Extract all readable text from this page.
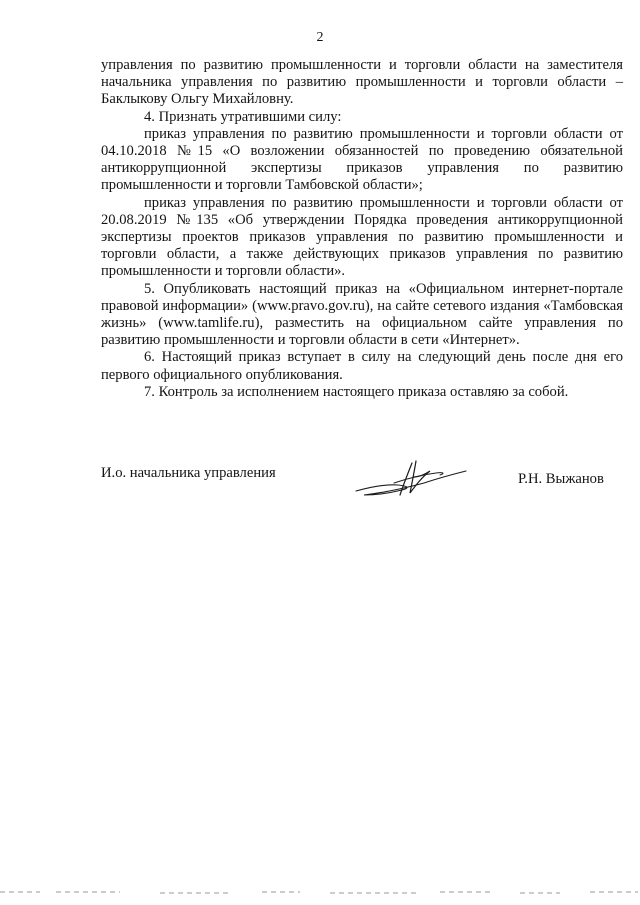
2

управления по развитию промышленности и торговли области на заместителя начальника управления по развитию промышленности и торговли области – Баклыкову Ольгу Михайловну.

4. Признать утратившими силу:

приказ управления по развитию промышленности и торговли области от 04.10.2018 №15 «О возложении обязанностей по проведению обязательной антикоррупционной экспертизы приказов управления по развитию промышленности и торговли Тамбовской области»;

приказ управления по развитию промышленности и торговли области от 20.08.2019 №135 «Об утверждении Порядка проведения антикоррупционной экспертизы проектов приказов управления по развитию промышленности и торговли области, а также действующих приказов управления по развитию промышленности и торговли области».

5. Опубликовать настоящий приказ на «Официальном интернет-портале правовой информации» (www.pravo.gov.ru), на сайте сетевого издания «Тамбовская жизнь» (www.tamlife.ru), разместить на официальном сайте управления по развитию промышленности и торговли области в сети «Интернет».

6. Настоящий приказ вступает в силу на следующий день после дня его первого официального опубликования.

7. Контроль за исполнением настоящего приказа оставляю за собой.

И.о. начальника управления	Р.Н. Выжанов
